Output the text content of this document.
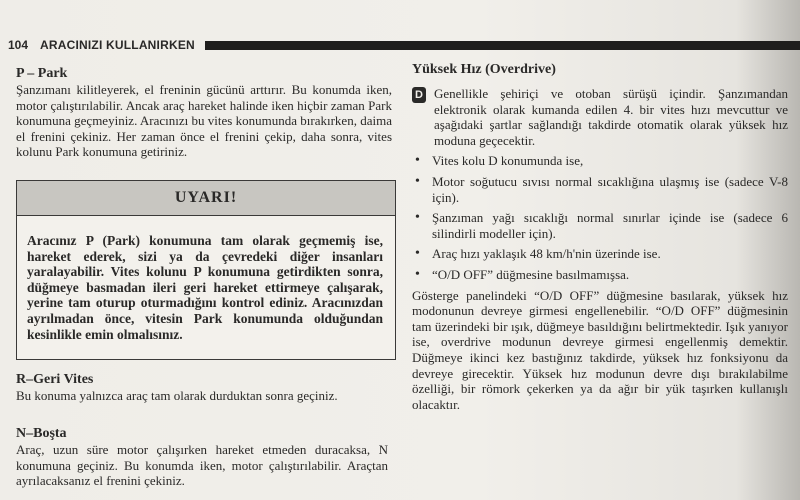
104 ARACINIZI KULLANIRKEN
P – Park

Şanzımanı kilitleyerek, el freninin gücünü arttırır. Bu konumda iken, motor çalıştırılabilir. Ancak araç hareket halinde iken hiçbir zaman Park konumuna geçmeyiniz. Aracınızı bu vites konumunda bırakırken, daima el frenini çekiniz. Her zaman önce el frenini çekip, daha sonra, vites kolunu Park konumuna getiriniz.

UYARI!

Aracınız P (Park) konumuna tam olarak geçmemiş ise, hareket ederek, sizi ya da çevredeki diğer insanları yaralayabilir. Vites kolunu P konumuna getirdikten sonra, düğmeye basmadan ileri geri hareket ettirmeye çalışarak, yerine tam oturup oturmadığını kontrol ediniz. Aracınızdan ayrılmadan önce, vitesin Park konumunda olduğundan kesinlikle emin olmalısınız.

R–Geri Vites

Bu konuma yalnızca araç tam olarak durduktan sonra geçiniz.

N–Boşta

Araç, uzun süre motor çalışırken hareket etmeden duracaksa, N konumuna geçiniz. Bu konumda iken, motor çalıştırılabilir. Araçtan ayrılacaksanız el frenini çekiniz.

Yüksek Hız (Overdrive)
D Genellikle şehiriçi ve otoban sürüşü içindir. Şanzımandan elektronik olarak kumanda edilen 4. bir vites hızı mevcuttur ve aşağıdaki şartlar sağlandığı takdirde otomatik olarak yüksek hız moduna geçecektir.

• Vites kolu D konumunda ise,
• Motor soğutucu sıvısı normal sıcaklığına ulaşmış ise (sadece V-8 için).
• Şanzıman yağı sıcaklığı normal sınırlar içinde ise (sadece 6 silindirli modeller için).
• Araç hızı yaklaşık 48 km/h'nin üzerinde ise.
• “O/D OFF” düğmesine basılmamışsa.

Gösterge panelindeki “O/D OFF” düğmesine basılarak, yüksek hız modonunun devreye girmesi engellenebilir. “O/D OFF” düğmesinin tam üzerindeki bir ışık, düğmeye basıldığını belirtmektedir. Işık yanıyor ise, overdrive modunun devreye girmesi engellenmiş demektir. Düğmeye ikinci kez bastığınız takdirde, yüksek hız fonksiyonu da devreye girecektir. Yüksek hız modunun devre dışı bırakılabilme özelliği, bir römork çekerken ya da ağır bir yük taşırken kullanışlı olacaktır.
